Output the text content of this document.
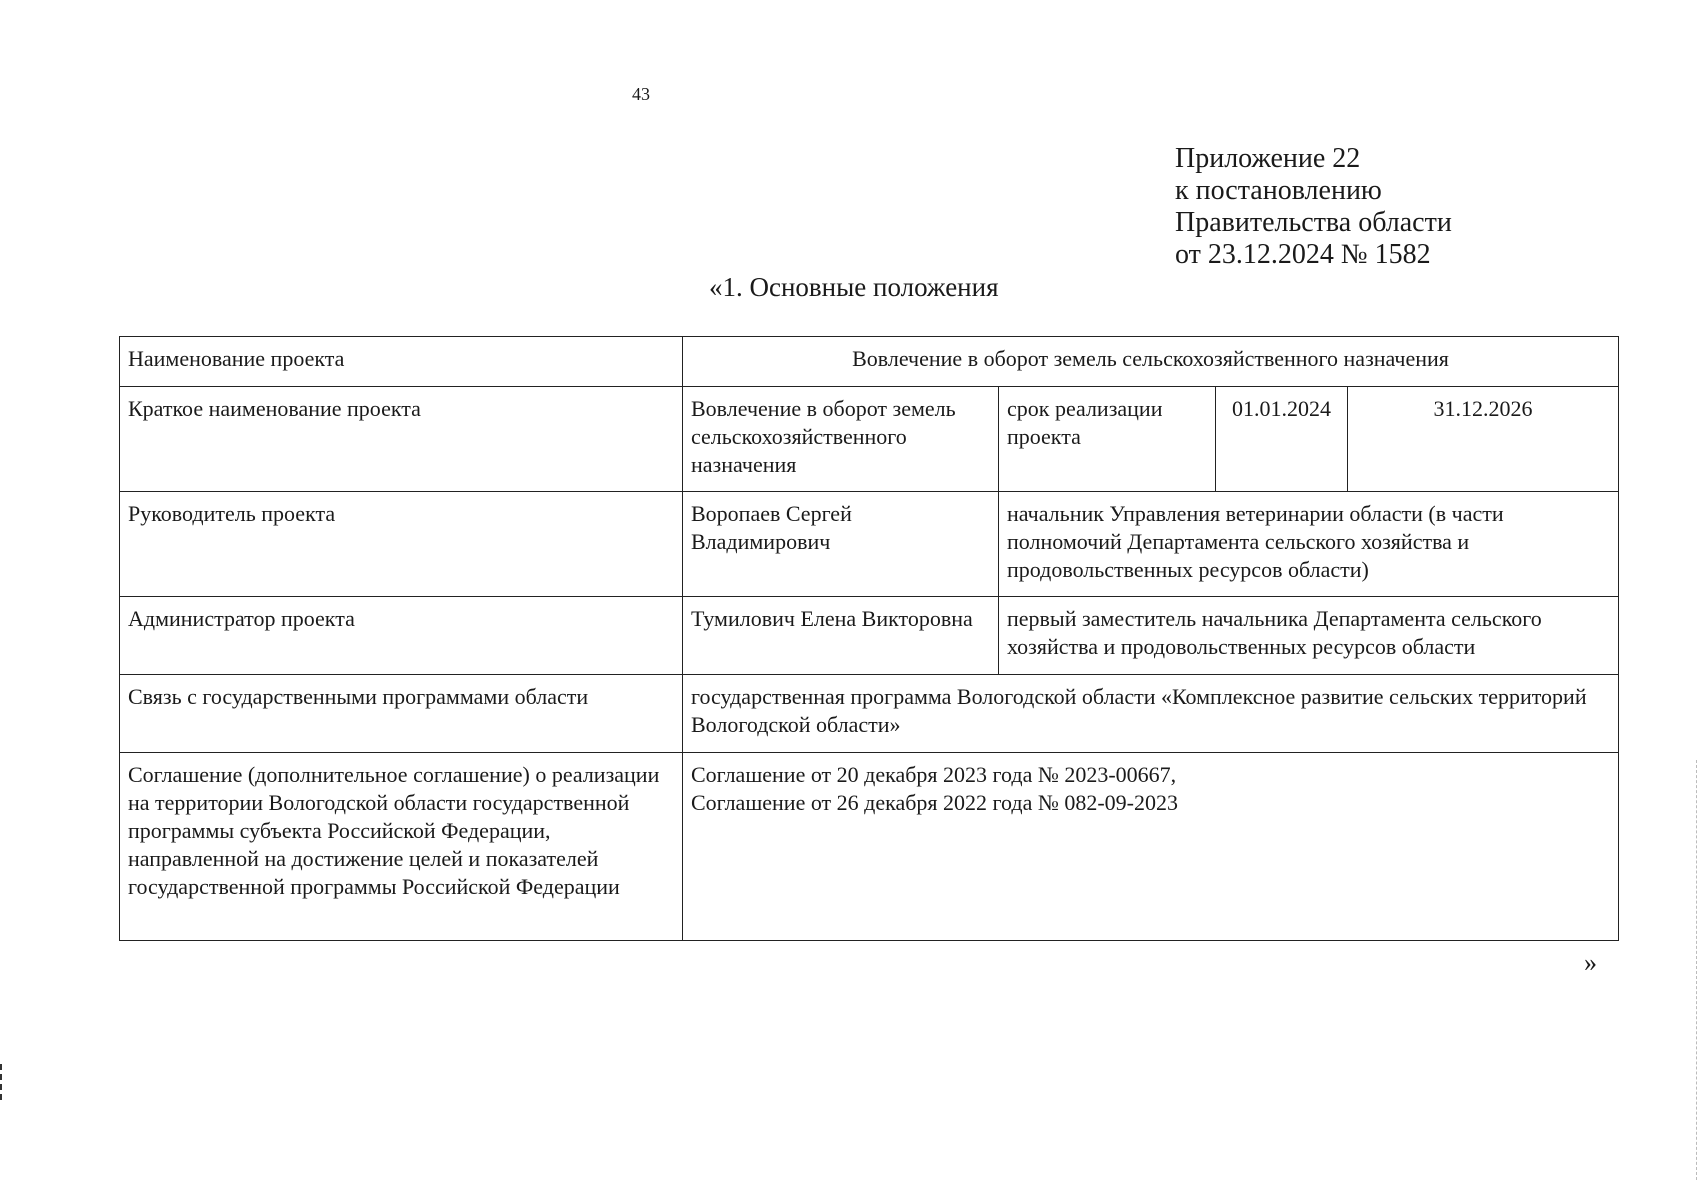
43
Приложение 22
к постановлению
Правительства области
от 23.12.2024 № 1582
«1. Основные положения
Наименование проекта	Вовлечение в оборот земель сельскохозяйственного назначения			
Краткое наименование проекта	Вовлечение в оборот земель сельскохозяйственного назначения	срок реализации проекта	01.01.2024	31.12.2026
Руководитель проекта	Воропаев Сергей Владимирович	начальник Управления ветеринарии области (в части полномочий Департамента сельского хозяйства и продовольственных ресурсов области)		
Администратор проекта	Тумилович Елена Викторовна	первый заместитель начальника Департамента сельского хозяйства и продовольственных ресурсов области		
Связь с государственными программами области	государственная программа Вологодской области «Комплексное развитие сельских территорий Вологодской области»			
Соглашение (дополнительное соглашение) о реализации на территории Вологодской области государственной программы субъекта Российской Федерации, направленной на достижение целей и показателей государственной программы Российской Федерации	Соглашение от 20 декабря 2023 года № 2023-00667,
Соглашение от 26 декабря 2022 года № 082-09-2023			
»
